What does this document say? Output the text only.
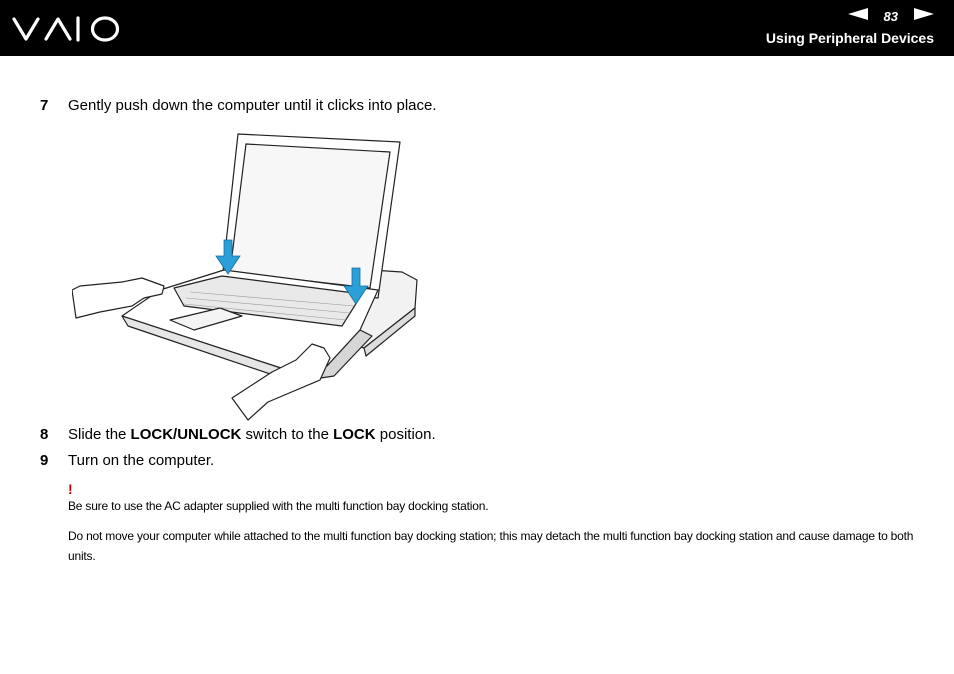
83
Using Peripheral Devices
7 Gently push down the computer until it clicks into place.
8 Slide the LOCK/UNLOCK switch to the LOCK position.
9 Turn on the computer.
!
Be sure to use the AC adapter supplied with the multi function bay docking station.
Do not move your computer while attached to the multi function bay docking station; this may detach the multi function bay docking station and cause damage to both units.
